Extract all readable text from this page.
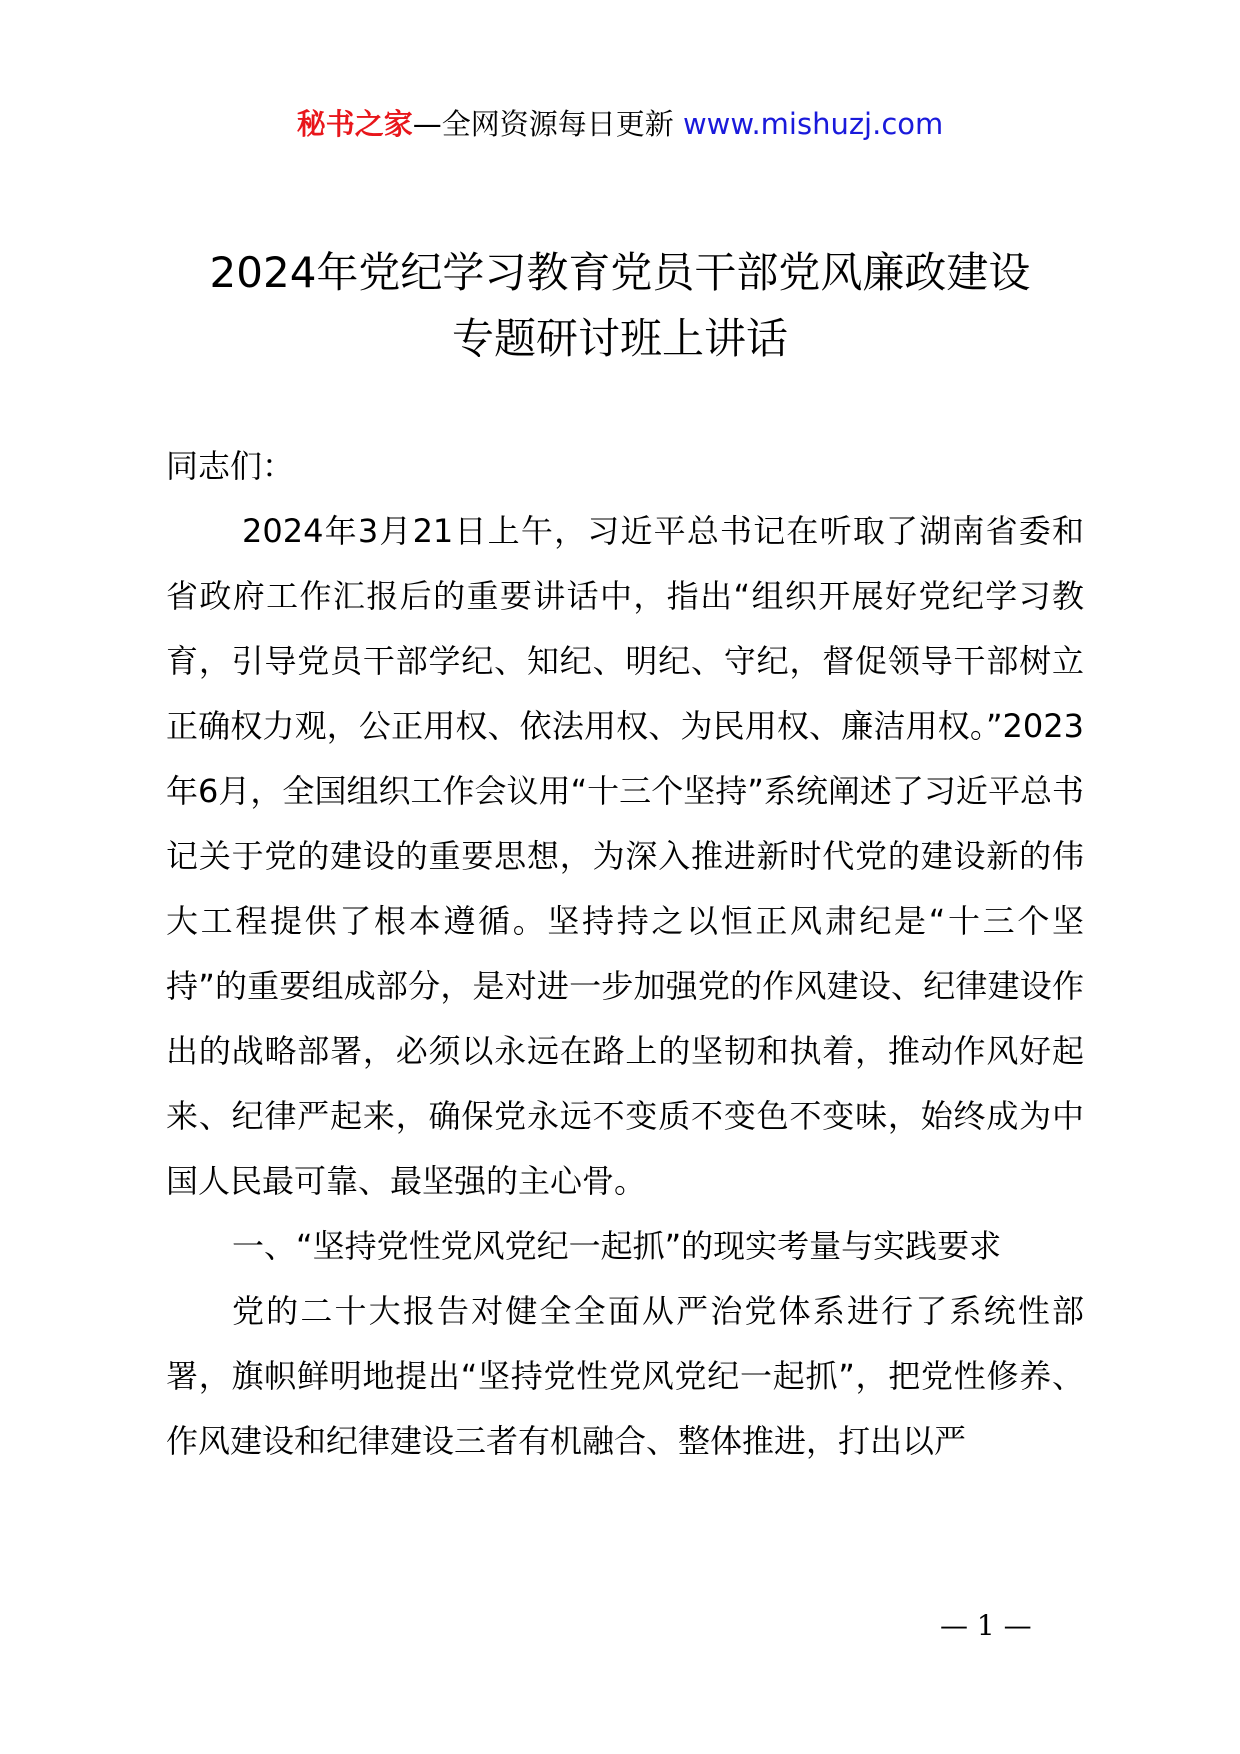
秘书之家—全网资源每日更新 www.mishuzj.com
2024年党纪学习教育党员干部党风廉政建设
专题研讨班上讲话

同志们：

2024年3月21日上午，习近平总书记在听取了湖南省委和省政府工作汇报后的重要讲话中，指出“组织开展好党纪学习教育，引导党员干部学纪、知纪、明纪、守纪，督促领导干部树立正确权力观，公正用权、依法用权、为民用权、廉洁用权。”2023年6月，全国组织工作会议用“十三个坚持”系统阐述了习近平总书记关于党的建设的重要思想，为深入推进新时代党的建设新的伟大工程提供了根本遵循。坚持持之以恒正风肃纪是“十三个坚持”的重要组成部分，是对进一步加强党的作风建设、纪律建设作出的战略部署，必须以永远在路上的坚韧和执着，推动作风好起来、纪律严起来，确保党永远不变质不变色不变味，始终成为中国人民最可靠、最坚强的主心骨。

一、“坚持党性党风党纪一起抓”的现实考量与实践要求

党的二十大报告对健全全面从严治党体系进行了系统性部署，旗帜鲜明地提出“坚持党性党风党纪一起抓”，把党性修养、作风建设和纪律建设三者有机融合、整体推进，打出以严

— 1 —
